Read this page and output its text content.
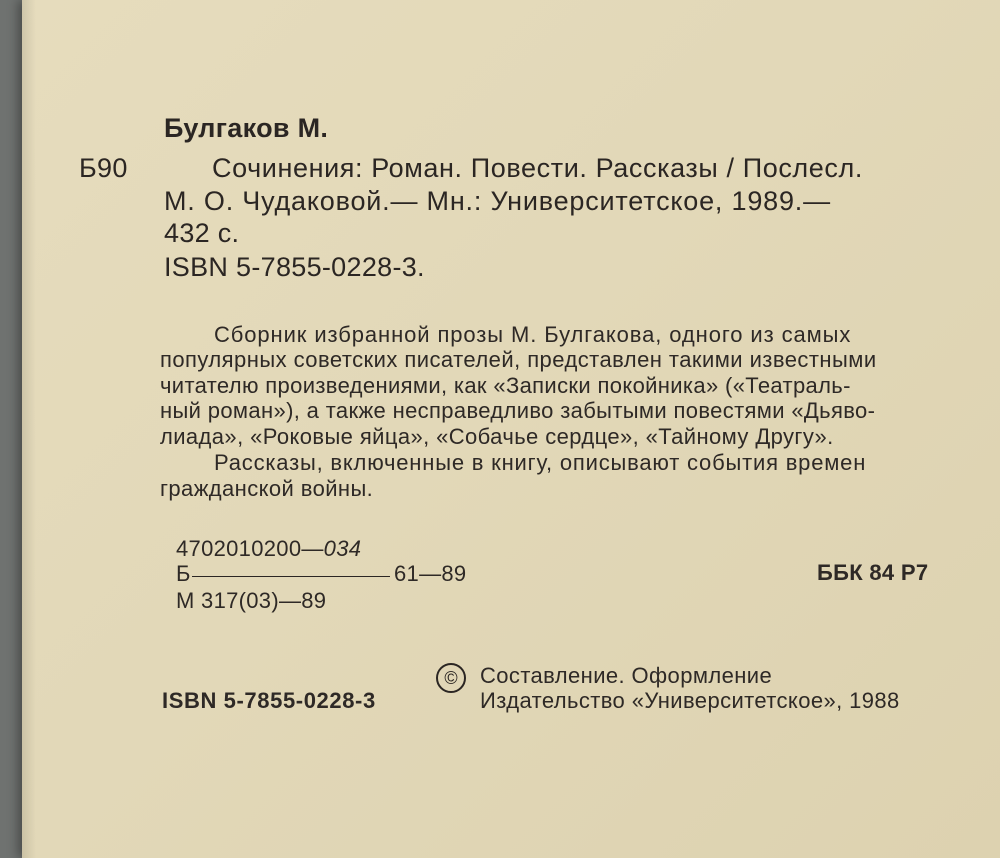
Булгаков М.
Б90	Сочинения: Роман. Повести. Рассказы / Послесл.
М. О. Чудаковой.— Мн.: Университетское, 1989.—
432 с.
ISBN 5-7855-0228-3.
Сборник избранной прозы М. Булгакова, одного из самых
популярных советских писателей, представлен такими известными
читателю произведениями, как «Записки покойника» («Театраль-
ный роман»), а также несправедливо забытыми повестями «Дьяво-
лиада», «Роковые яйца», «Собачье сердце», «Тайному Другу».
Рассказы, включенные в книгу, описывают события времен
гражданской войны.
4702010200—034
Б	61—89
М 317(03)—89
ББК 84 Р7
ISBN 5-7855-0228-3
©	Составление. Оформление
Издательство «Университетское», 1988
